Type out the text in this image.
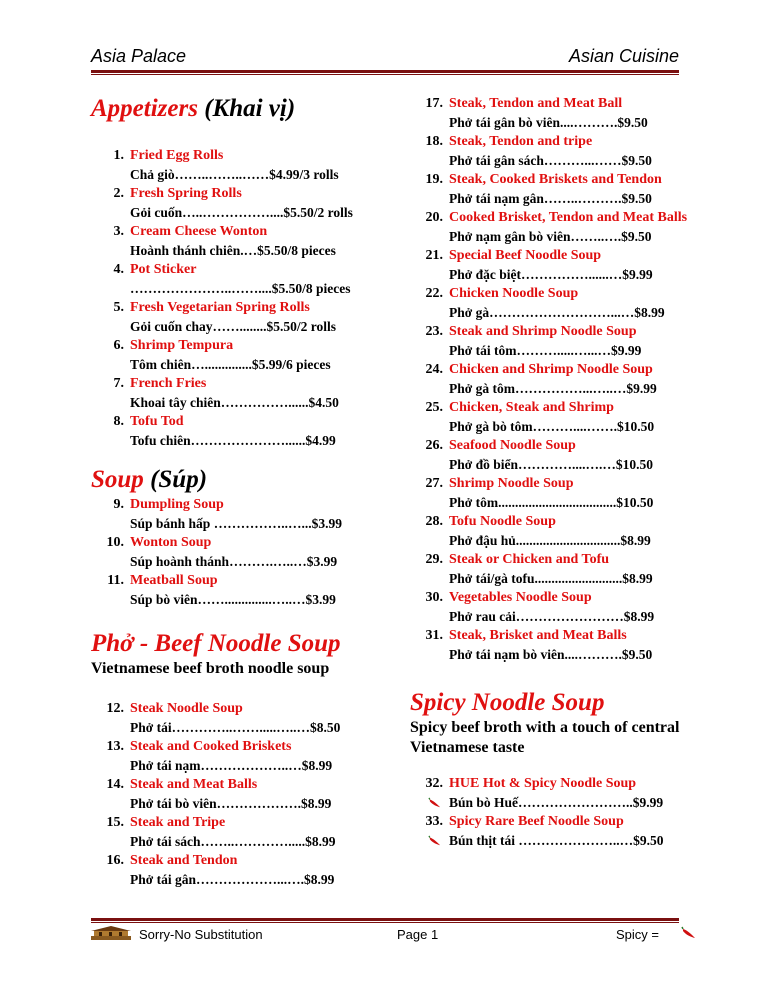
Asia Palace	Asian Cuisine
Appetizers (Khai vị)
1. Fried Egg Rolls
Chả giò……..……..……$4.99/3 rolls
2. Fresh Spring Rolls
Gỏi cuốn…..……………....$5.50/2 rolls
3. Cream Cheese Wonton
Hoành thánh chiên.…$5.50/8 pieces
4. Pot Sticker
…………………..……....$5.50/8 pieces
5. Fresh Vegetarian Spring Rolls
Gỏi cuốn chay……........$5.50/2 rolls
6. Shrimp Tempura
Tôm chiên…..............$5.99/6 pieces
7. French Fries
Khoai tây chiên……………......$4.50
8. Tofu Tod
Tofu chiên…………………......$4.99
Soup (Súp)
9. Dumpling Soup
Súp bánh hấp ……………..…...$3.99
10. Wonton Soup
Súp hoành thánh……….…..…$3.99
11. Meatball Soup
Súp bò viên……..............…..…$3.99
Phở - Beef Noodle Soup
Vietnamese beef broth noodle soup
12. Steak Noodle Soup
Phở tái…………..…….....…..…$8.50
13. Steak and Cooked Briskets
Phở tái nạm………………..…$8.99
14. Steak and Meat Balls
Phở tái bò viên……………….$8.99
15. Steak and Tripe
Phở tái sách……..………….....$8.99
16. Steak and Tendon
Phở tái gân………………...….$8.99
17. Steak, Tendon and Meat Ball
Phở tái gân bò viên....……….$9.50
18. Steak, Tendon and tripe
Phở tái gân sách………...……$9.50
19. Steak, Cooked Briskets and Tendon
Phở tái nạm gân……..……….$9.50
20. Cooked Brisket, Tendon and Meat Balls
Phở nạm gân bò viên……..….$9.50
21. Special Beef Noodle Soup
Phở đặc biệt……………......…$9.99
22. Chicken Noodle Soup
Phở gà………………………...…$8.99
23. Steak and Shrimp Noodle Soup
Phở tái tôm……….....…...…$9.99
24. Chicken and Shrimp Noodle Soup
Phở gà tôm……………...…..…$9.99
25. Chicken, Steak and Shrimp
Phở gà bò tôm………....…….$10.50
26. Seafood Noodle Soup
Phở đồ biển…………....….…$10.50
27. Shrimp Noodle Soup
Phở tôm...................................$10.50
28. Tofu Noodle Soup
Phở đậu hủ...............................$8.99
29. Steak or Chicken and Tofu
Phở tái/gà tofu..........................$8.99
30. Vegetables Noodle Soup
Phở rau cải……………………$8.99
31. Steak, Brisket and Meat Balls
Phở tái nạm bò viên....……….$9.50
Spicy Noodle Soup
Spicy beef broth with a touch of central Vietnamese taste
32. HUE Hot & Spicy Noodle Soup
Bún bò Huế……………………..$9.99
33. Spicy Rare Beef Noodle Soup
Bún thịt tái …………………..…$9.50
Sorry-No Substitution	Page 1	Spicy =
